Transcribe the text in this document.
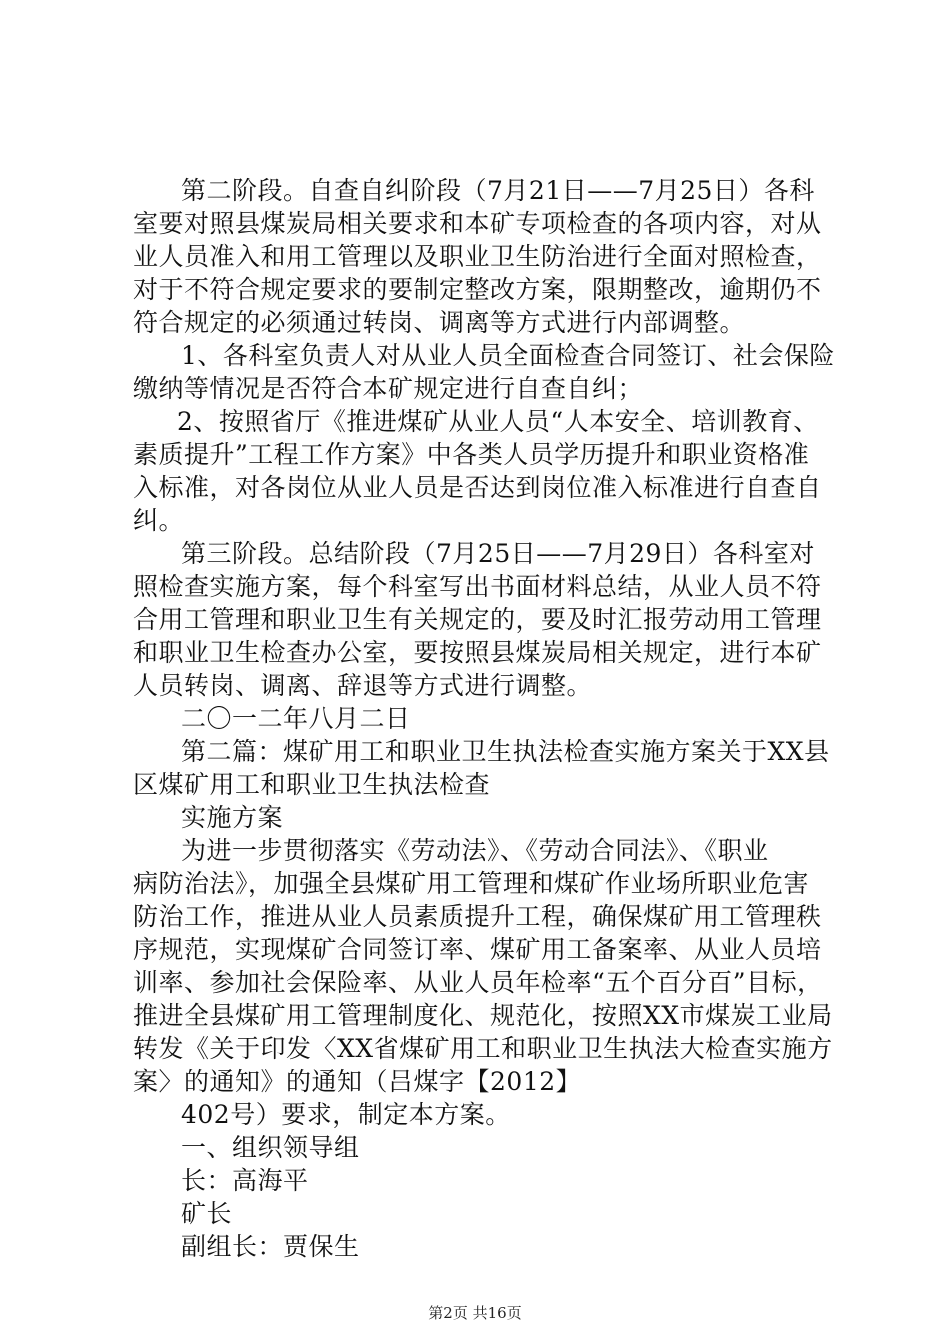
第二阶段。自查自纠阶段（7月21日——7月25日）各科
室要对照县煤炭局相关要求和本矿专项检查的各项内容，对从
业人员准入和用工管理以及职业卫生防治进行全面对照检查，
对于不符合规定要求的要制定整改方案，限期整改，逾期仍不
符合规定的必须通过转岗、调离等方式进行内部调整。
1、各科室负责人对从业人员全面检查合同签订、社会保险
缴纳等情况是否符合本矿规定进行自查自纠；
2、按照省厅《推进煤矿从业人员“人本安全、培训教育、
素质提升”工程工作方案》中各类人员学历提升和职业资格准
入标准，对各岗位从业人员是否达到岗位准入标准进行自查自
纠。
第三阶段。总结阶段（7月25日——7月29日）各科室对
照检查实施方案，每个科室写出书面材料总结，从业人员不符
合用工管理和职业卫生有关规定的，要及时汇报劳动用工管理
和职业卫生检查办公室，要按照县煤炭局相关规定，进行本矿
人员转岗、调离、辞退等方式进行调整。
二〇一二年八月二日
第二篇：煤矿用工和职业卫生执法检查实施方案关于XX县
区煤矿用工和职业卫生执法检查
实施方案
为进一步贯彻落实《劳动法》、《劳动合同法》、《职业
病防治法》，加强全县煤矿用工管理和煤矿作业场所职业危害
防治工作，推进从业人员素质提升工程，确保煤矿用工管理秩
序规范，实现煤矿合同签订率、煤矿用工备案率、从业人员培
训率、参加社会保险率、从业人员年检率“五个百分百”目标，
推进全县煤矿用工管理制度化、规范化，按照XX市煤炭工业局
转发《关于印发〈XX省煤矿用工和职业卫生执法大检查实施方
案〉的通知》的通知（吕煤字【2012】
402号）要求，制定本方案。
一、组织领导组
长：高海平
矿长
副组长：贾保生
第2页 共16页
